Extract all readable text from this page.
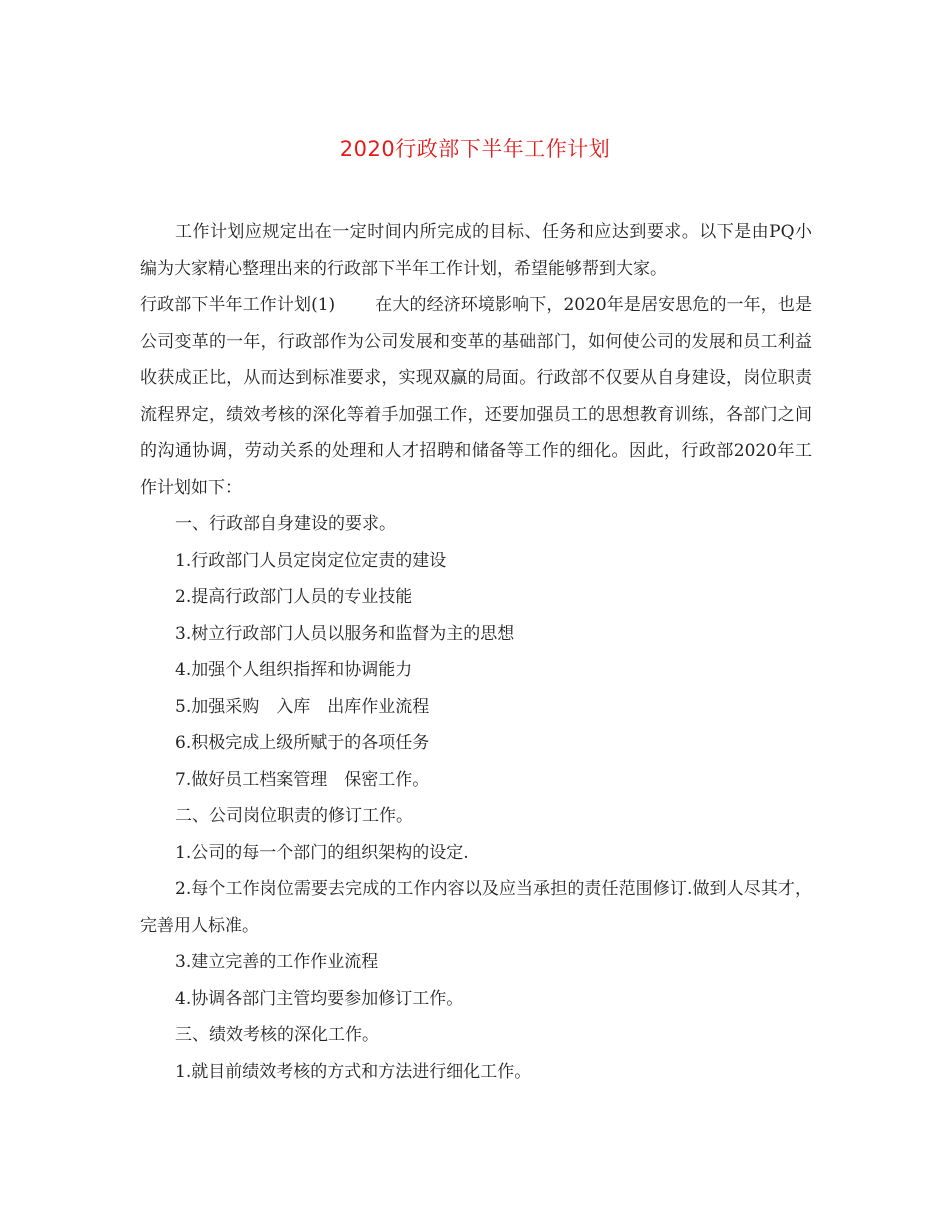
2020行政部下半年工作计划

工作计划应规定出在一定时间内所完成的目标、任务和应达到要求。以下是由PQ小编为大家精心整理出来的行政部下半年工作计划，希望能够帮到大家。

行政部下半年工作计划(1) 在大的经济环境影响下，2020年是居安思危的一年，也是公司变革的一年，行政部作为公司发展和变革的基础部门，如何使公司的发展和员工利益收获成正比，从而达到标准要求，实现双赢的局面。行政部不仅要从自身建设，岗位职责流程界定，绩效考核的深化等着手加强工作，还要加强员工的思想教育训练，各部门之间的沟通协调，劳动关系的处理和人才招聘和储备等工作的细化。因此，行政部2020年工作计划如下：

一、行政部自身建设的要求。

1.行政部门人员定岗定位定责的建设

2.提高行政部门人员的专业技能

3.树立行政部门人员以服务和监督为主的思想

4.加强个人组织指挥和协调能力

5.加强采购　入库　出库作业流程

6.积极完成上级所赋于的各项任务

7.做好员工档案管理　保密工作。

二、公司岗位职责的修订工作。

1.公司的每一个部门的组织架构的设定.

2.每个工作岗位需要去完成的工作内容以及应当承担的责任范围修订.做到人尽其才，完善用人标准。

3.建立完善的工作作业流程

4.协调各部门主管均要参加修订工作。

三、绩效考核的深化工作。

1.就目前绩效考核的方式和方法进行细化工作。
